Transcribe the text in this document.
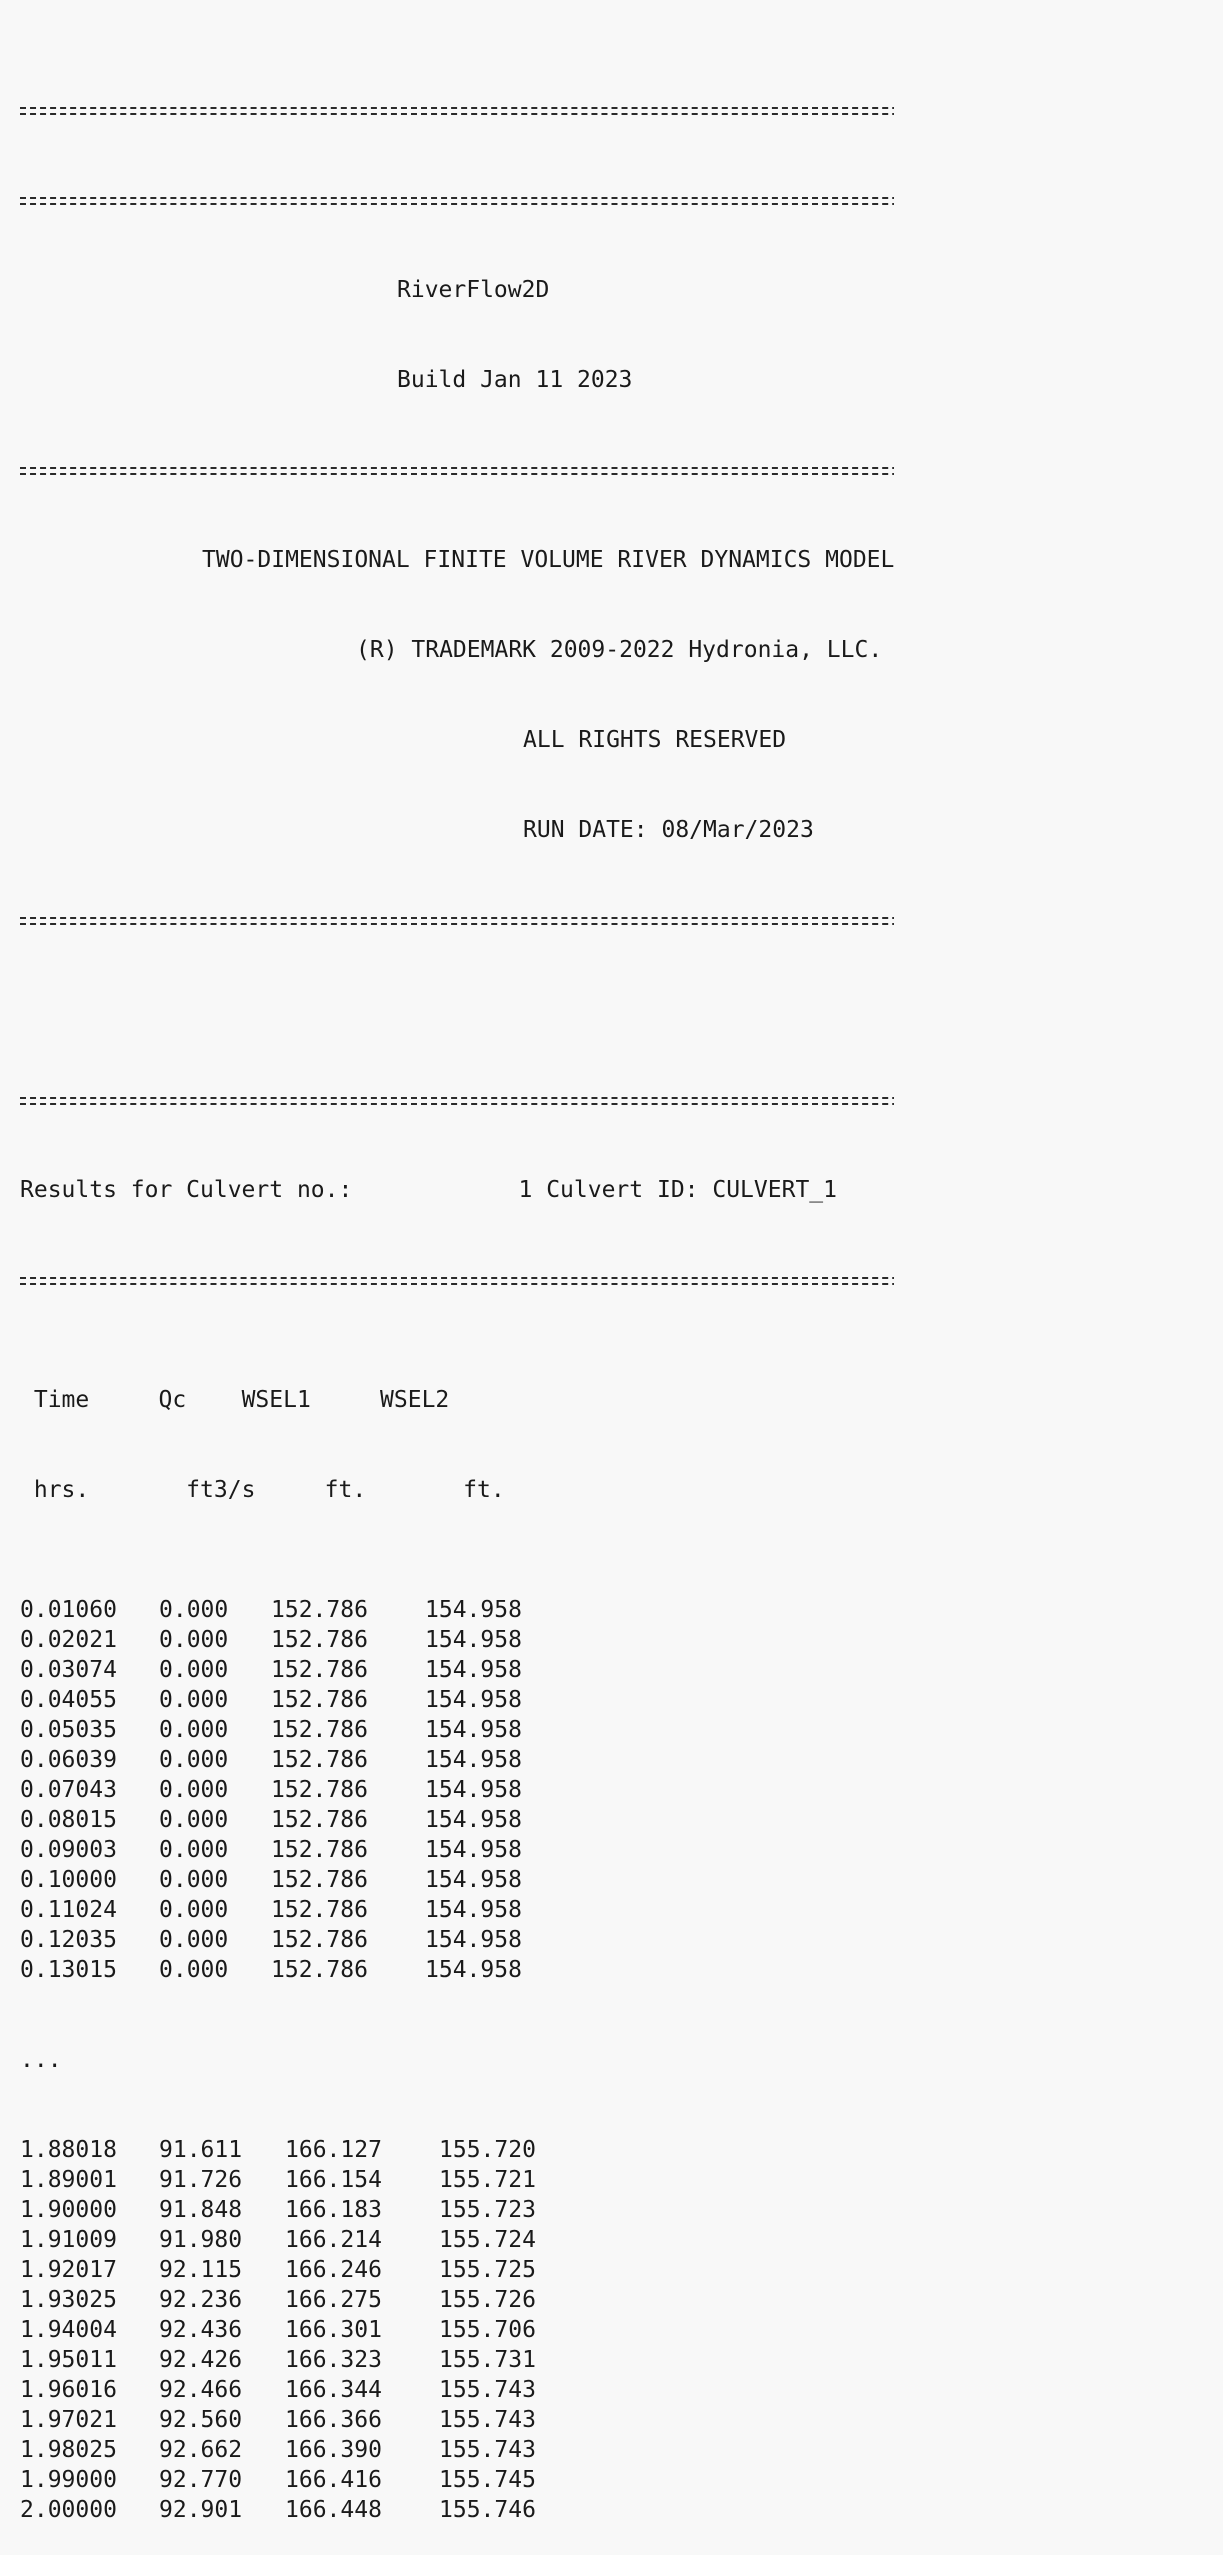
RiverFlow2D

Build Jan 11 2023

TWO-DIMENSIONAL FINITE VOLUME RIVER DYNAMICS MODEL

(R) TRADEMARK 2009-2022 Hydronia, LLC.

ALL RIGHTS RESERVED

RUN DATE: 08/Mar/2023

Results for Culvert no.:            1 Culvert ID: CULVERT_1

Time     Qc    WSEL1     WSEL2

hrs.       ft3/s     ft.       ft.

0.01060 0.000 152.786 154.958
0.02021 0.000 152.786 154.958
0.03074 0.000 152.786 154.958
0.04055 0.000 152.786 154.958
0.05035 0.000 152.786 154.958
0.06039 0.000 152.786 154.958
0.07043 0.000 152.786 154.958
0.08015 0.000 152.786 154.958
0.09003 0.000 152.786 154.958
0.10000 0.000 152.786 154.958
0.11024 0.000 152.786 154.958
0.12035 0.000 152.786 154.958
0.13015 0.000 152.786 154.958

...

1.88018 91.611 166.127 155.720
1.89001 91.726 166.154 155.721
1.90000 91.848 166.183 155.723
1.91009 91.980 166.214 155.724
1.92017 92.115 166.246 155.725
1.93025 92.236 166.275 155.726
1.94004 92.436 166.301 155.706
1.95011 92.426 166.323 155.731
1.96016 92.466 166.344 155.743
1.97021 92.560 166.366 155.743
1.98025 92.662 166.390 155.743
1.99000 92.770 166.416 155.745
2.00000 92.901 166.448 155.746
